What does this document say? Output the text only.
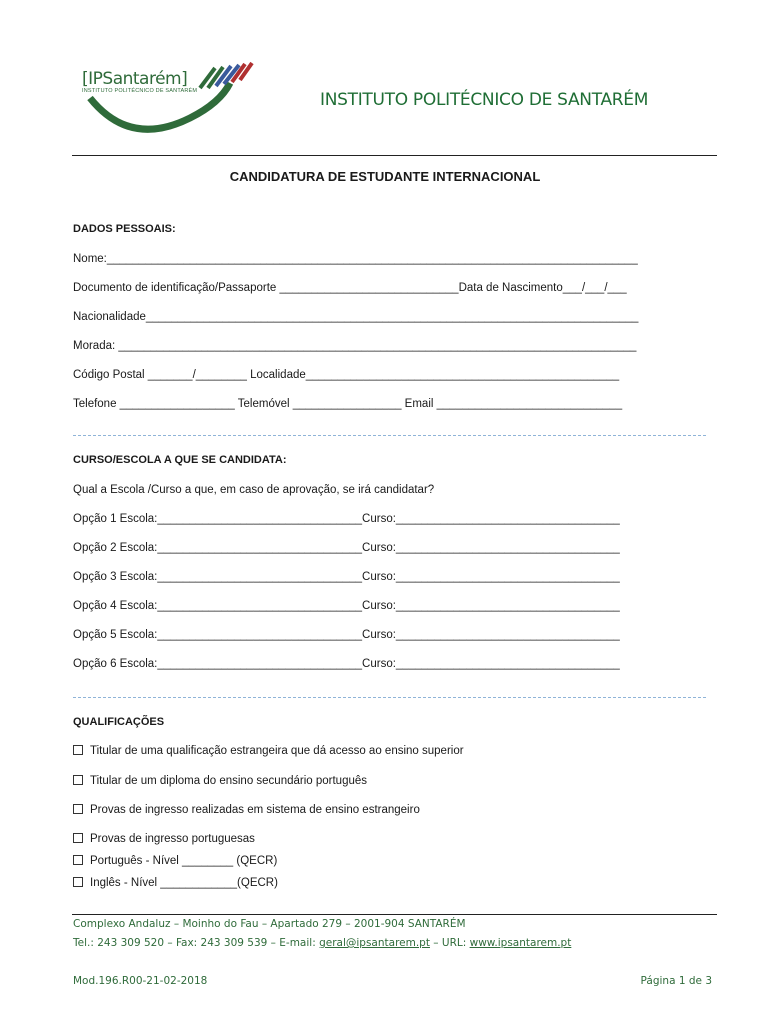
[IPSantarém]
INSTITUTO POLITÉCNICO DE SANTARÉM	INSTITUTO POLITÉCNICO DE SANTARÉM
CANDIDATURA DE ESTUDANTE INTERNACIONAL
DADOS PESSOAIS:
Nome:___________________________________________________________________________________
Documento de identificação/Passaporte ____________________________Data de Nascimento___/___/___
Nacionalidade_____________________________________________________________________________
Morada: _________________________________________________________________________________
Código Postal _______/________ Localidade_________________________________________________
Telefone __________________ Telemóvel _________________ Email _____________________________
CURSO/ESCOLA A QUE SE CANDIDATA:
Qual a Escola /Curso a que, em caso de aprovação, se irá candidatar?
Opção 1 Escola:________________________________Curso:___________________________________
Opção 2 Escola:________________________________Curso:___________________________________
Opção 3 Escola:________________________________Curso:___________________________________
Opção 4 Escola:________________________________Curso:___________________________________
Opção 5 Escola:________________________________Curso:___________________________________
Opção 6 Escola:________________________________Curso:___________________________________
QUALIFICAÇÕES
Titular de uma qualificação estrangeira que dá acesso ao ensino superior
Titular de um diploma do ensino secundário português
Provas de ingresso realizadas em sistema de ensino estrangeiro
Provas de ingresso portuguesas
Português - Nível ________ (QECR)
Inglês - Nível ____________(QECR)
Complexo Andaluz – Moinho do Fau – Apartado 279 – 2001-904 SANTARÉM
Tel.: 243 309 520 – Fax: 243 309 539 – E-mail: geral@ipsantarem.pt – URL: www.ipsantarem.pt
Mod.196.R00-21-02-2018	Página 1 de 3
